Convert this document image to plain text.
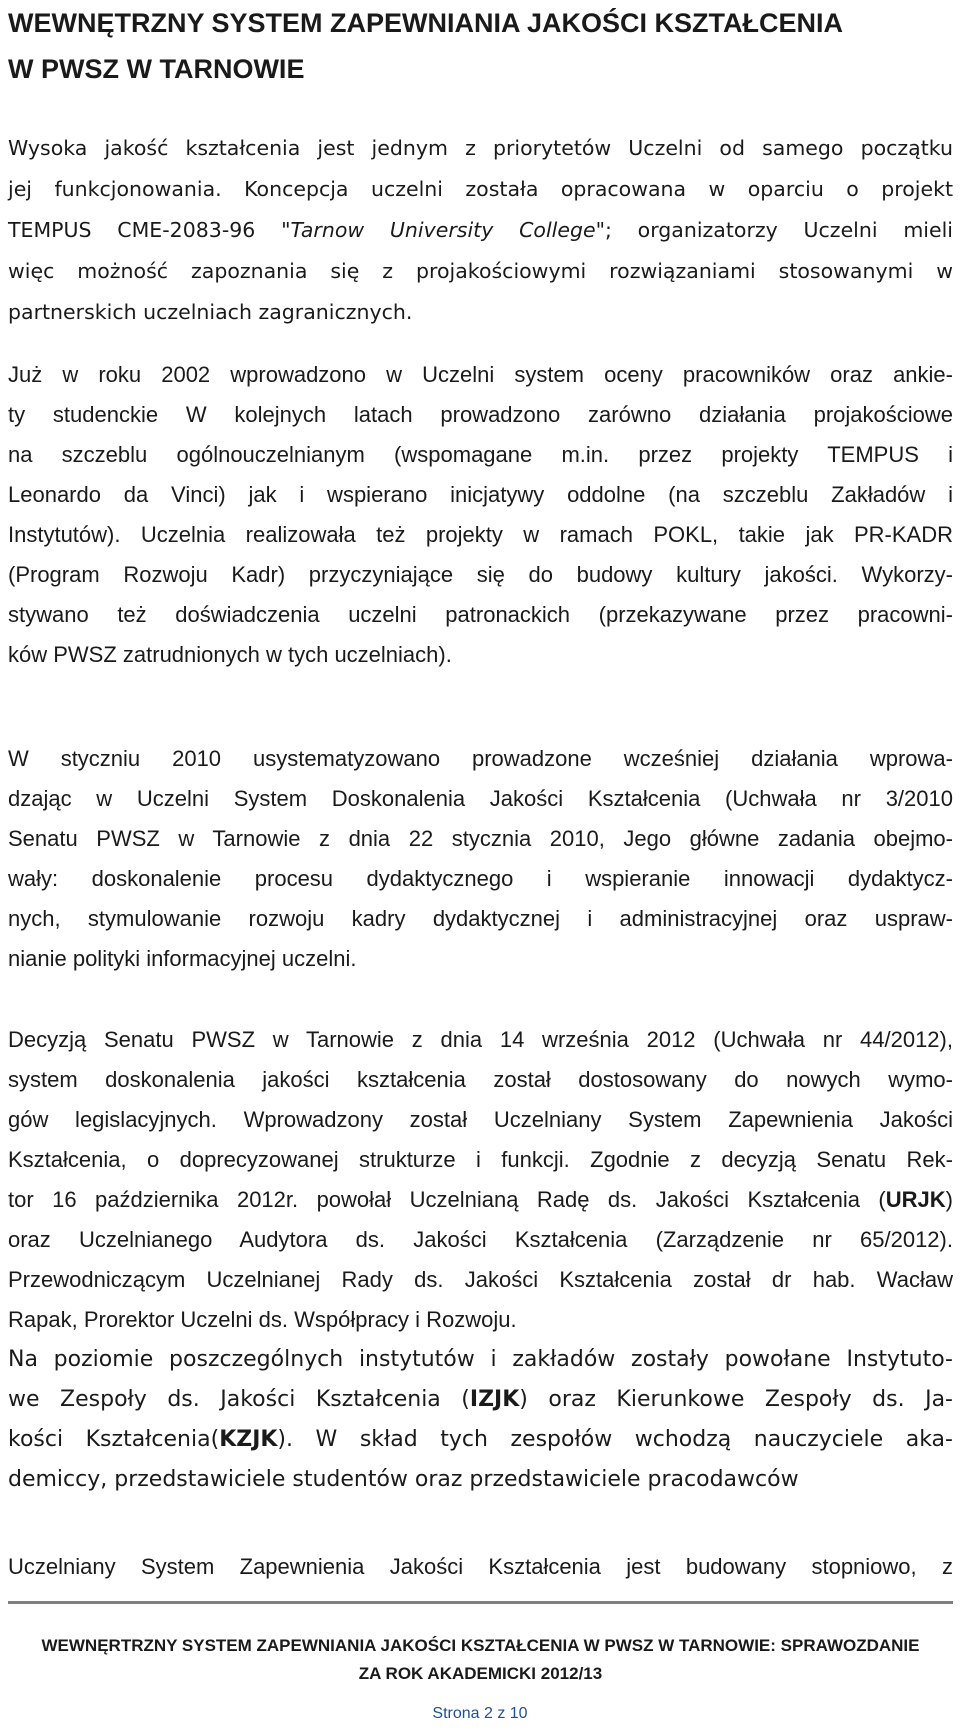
WEWNĘTRZNY SYSTEM ZAPEWNIANIA JAKOŚCI KSZTAŁCENIA
W PWSZ W TARNOWIE
Wysoka jakość kształcenia jest jednym z priorytetów Uczelni od samego początku
jej funkcjonowania. Koncepcja uczelni została opracowana w oparciu o projekt
TEMPUS CME-2083-96 "Tarnow University College"; organizatorzy Uczelni mieli
więc możność zapoznania się z projakościowymi rozwiązaniami stosowanymi w
partnerskich uczelniach zagranicznych.
Już w roku 2002 wprowadzono w Uczelni system oceny pracowników oraz ankie-
ty studenckie W kolejnych latach prowadzono zarówno działania projakościowe
na szczeblu ogólnouczelnianym (wspomagane m.in. przez projekty TEMPUS i
Leonardo da Vinci) jak i wspierano inicjatywy oddolne (na szczeblu Zakładów i
Instytutów). Uczelnia realizowała też projekty w ramach POKL, takie jak PR-KADR
(Program Rozwoju Kadr) przyczyniające się do budowy kultury jakości. Wykorzy-
stywano też doświadczenia uczelni patronackich (przekazywane przez pracowni-
ków PWSZ zatrudnionych w tych uczelniach).
W styczniu 2010 usystematyzowano prowadzone wcześniej działania wprowa-
dzając w Uczelni System Doskonalenia Jakości Kształcenia (Uchwała nr 3/2010
Senatu PWSZ w Tarnowie z dnia 22 stycznia 2010, Jego główne zadania obejmo-
wały: doskonalenie procesu dydaktycznego i wspieranie innowacji dydaktycz-
nych, stymulowanie rozwoju kadry dydaktycznej i administracyjnej oraz uspraw-
nianie polityki informacyjnej uczelni.
Decyzją Senatu PWSZ w Tarnowie z dnia 14 września 2012 (Uchwała nr 44/2012),
system doskonalenia jakości kształcenia został dostosowany do nowych wymo-
gów legislacyjnych. Wprowadzony został Uczelniany System Zapewnienia Jakości
Kształcenia, o doprecyzowanej strukturze i funkcji. Zgodnie z decyzją Senatu Rek-
tor 16 października 2012r. powołał Uczelnianą Radę ds. Jakości Kształcenia (URJK)
oraz Uczelnianego Audytora ds. Jakości Kształcenia (Zarządzenie nr 65/2012).
Przewodniczącym Uczelnianej Rady ds. Jakości Kształcenia został dr hab. Wacław
Rapak, Prorektor Uczelni ds. Współpracy i Rozwoju.
Na poziomie poszczególnych instytutów i zakładów zostały powołane Instytuto-
we Zespoły ds. Jakości Kształcenia (IZJK) oraz Kierunkowe Zespoły ds. Ja-
kości Kształcenia(KZJK). W skład tych zespołów wchodzą nauczyciele aka-
demiccy, przedstawiciele studentów oraz przedstawiciele pracodawców
Uczelniany System Zapewnienia Jakości Kształcenia jest budowany stopniowo, z
WEWNĘRTRZNY SYSTEM ZAPEWNIANIA JAKOŚCI KSZTAŁCENIA W PWSZ W TARNOWIE: SPRAWOZDANIE
ZA ROK AKADEMICKI 2012/13
Strona 2 z 10
